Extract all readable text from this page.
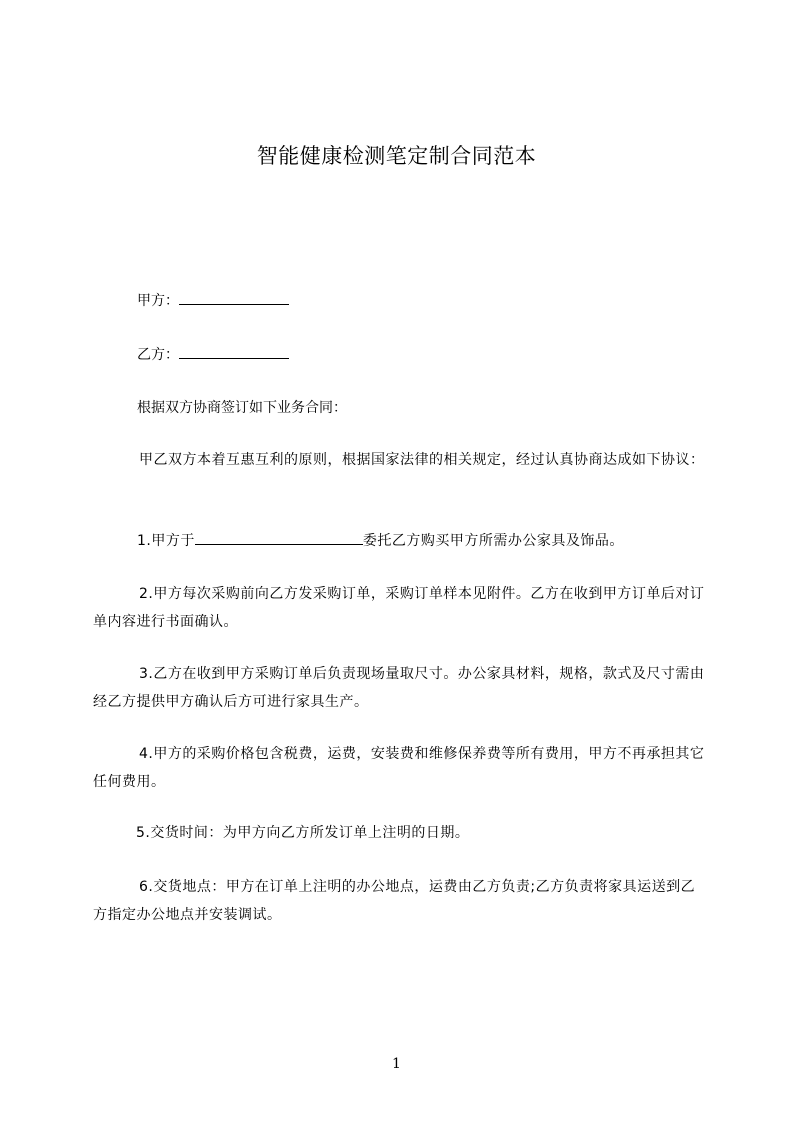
智能健康检测笔定制合同范本
甲方：
乙方：
根据双方协商签订如下业务合同：
甲乙双方本着互惠互利的原则，根据国家法律的相关规定，经过认真协商达成如下协议：
1.甲方于	委托乙方购买甲方所需办公家具及饰品。
2.甲方每次采购前向乙方发采购订单，采购订单样本见附件。乙方在收到甲方订单后对订单内容进行书面确认。
3.乙方在收到甲方采购订单后负责现场量取尺寸。办公家具材料，规格，款式及尺寸需由经乙方提供甲方确认后方可进行家具生产。
4.甲方的采购价格包含税费，运费，安装费和维修保养费等所有费用，甲方不再承担其它任何费用。
5.交货时间：为甲方向乙方所发订单上注明的日期。
6.交货地点：甲方在订单上注明的办公地点，运费由乙方负责;乙方负责将家具运送到乙方指定办公地点并安装调试。
1
